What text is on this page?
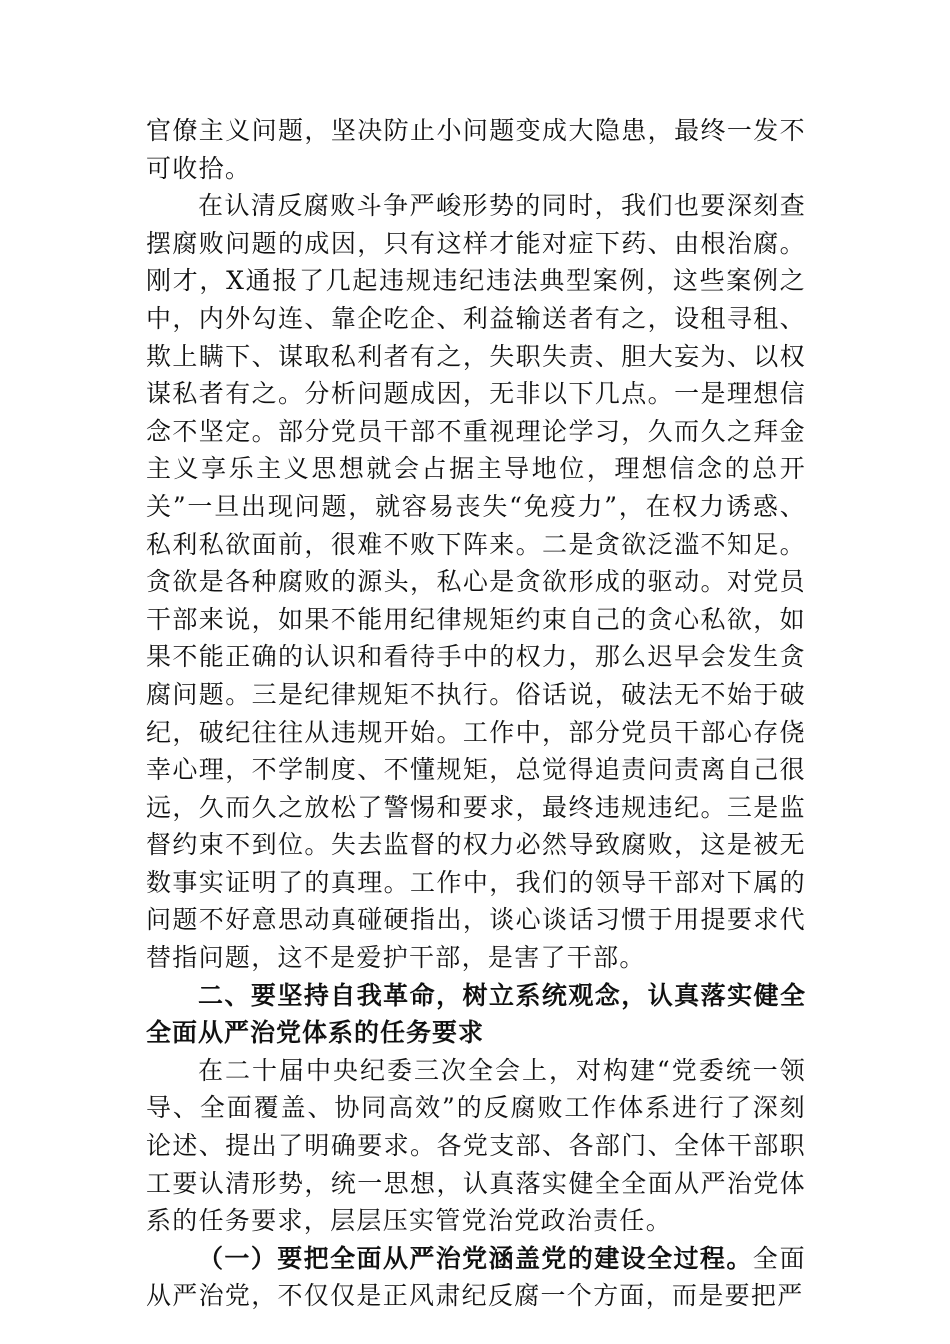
官僚主义问题，坚决防止小问题变成大隐患，最终一发不可收拾。

在认清反腐败斗争严峻形势的同时，我们也要深刻查摆腐败问题的成因，只有这样才能对症下药、由根治腐。刚才，X通报了几起违规违纪违法典型案例，这些案例之中，内外勾连、靠企吃企、利益输送者有之，设租寻租、欺上瞒下、谋取私利者有之，失职失责、胆大妄为、以权谋私者有之。分析问题成因，无非以下几点。一是理想信念不坚定。部分党员干部不重视理论学习，久而久之拜金主义享乐主义思想就会占据主导地位，理想信念的总开关”一旦出现问题，就容易丧失“免疫力”，在权力诱惑、私利私欲面前，很难不败下阵来。二是贪欲泛滥不知足。贪欲是各种腐败的源头，私心是贪欲形成的驱动。对党员干部来说，如果不能用纪律规矩约束自己的贪心私欲，如果不能正确的认识和看待手中的权力，那么迟早会发生贪腐问题。三是纪律规矩不执行。俗话说，破法无不始于破纪，破纪往往从违规开始。工作中，部分党员干部心存侥幸心理，不学制度、不懂规矩，总觉得追责问责离自己很远，久而久之放松了警惕和要求，最终违规违纪。三是监督约束不到位。失去监督的权力必然导致腐败，这是被无数事实证明了的真理。工作中，我们的领导干部对下属的问题不好意思动真碰硬指出，谈心谈话习惯于用提要求代替指问题，这不是爱护干部，是害了干部。

二、要坚持自我革命，树立系统观念，认真落实健全全面从严治党体系的任务要求

在二十届中央纪委三次全会上，对构建“党委统一领导、全面覆盖、协同高效”的反腐败工作体系进行了深刻论述、提出了明确要求。各党支部、各部门、全体干部职工要认清形势，统一思想，认真落实健全全面从严治党体系的任务要求，层层压实管党治党政治责任。

（一）要把全面从严治党涵盖党的建设全过程。全面从严治党，不仅仅是正风肃纪反腐一个方面，而是要把严
